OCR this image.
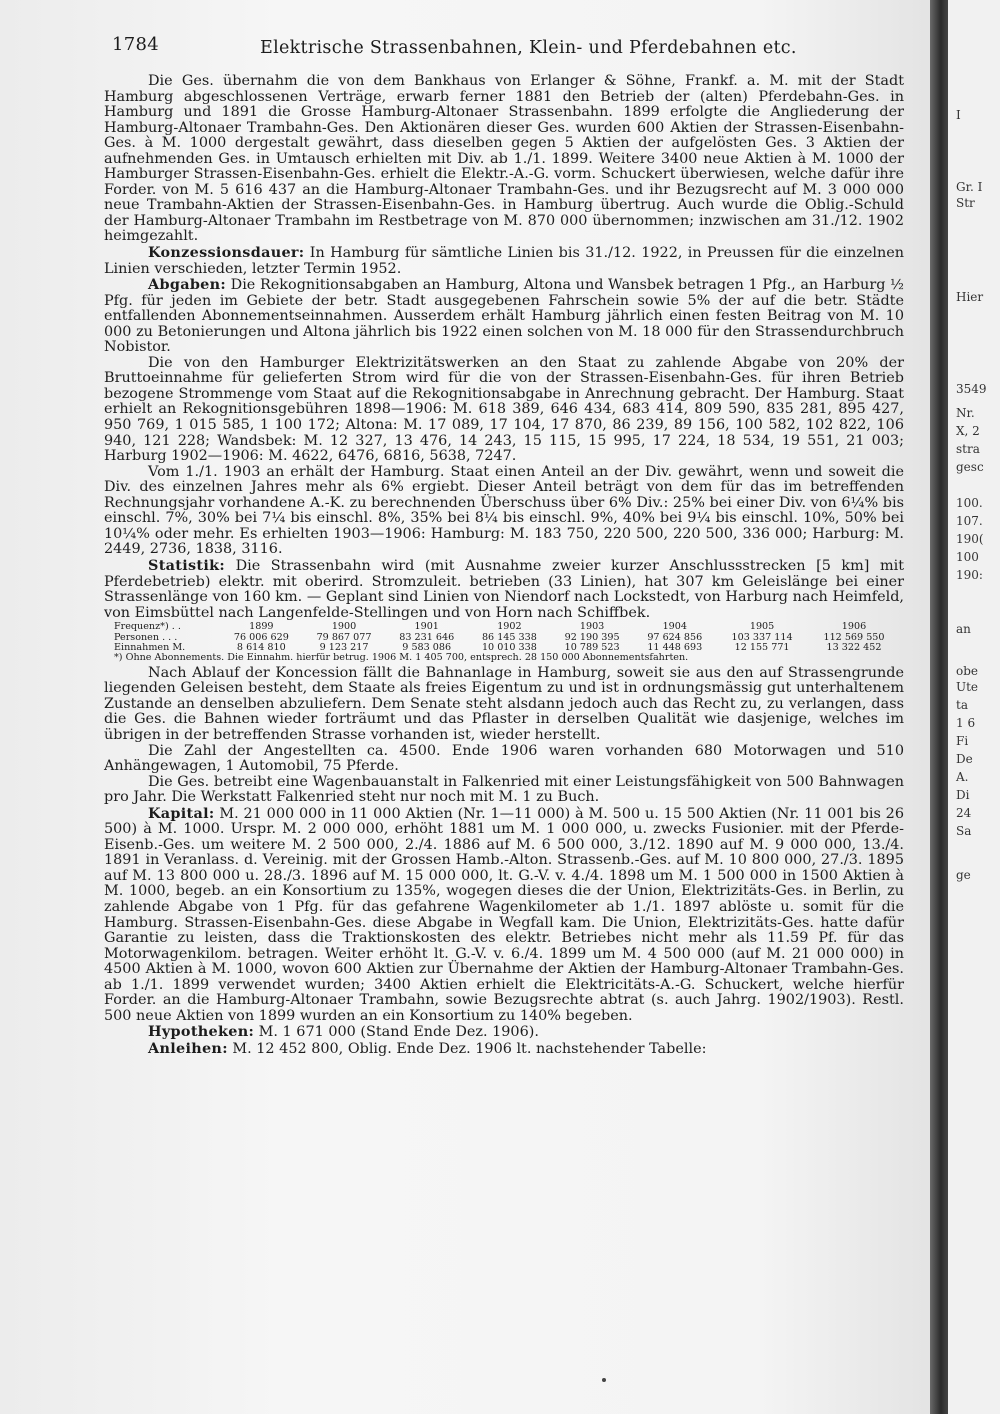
1784	Elektrische Strassenbahnen, Klein- und Pferdebahnen etc.

Die Ges. übernahm die von dem Bankhaus von Erlanger & Söhne, Frankf. a. M. mit der Stadt Hamburg abgeschlossenen Verträge, erwarb ferner 1881 den Betrieb der (alten) Pferdebahn-Ges. in Hamburg und 1891 die Grosse Hamburg-Altonaer Strassenbahn. 1899 erfolgte die Angliederung der Hamburg-Altonaer Trambahn-Ges. Den Aktionären dieser Ges. wurden 600 Aktien der Strassen-Eisenbahn-Ges. à M. 1000 dergestalt gewährt, dass dieselben gegen 5 Aktien der aufgelösten Ges. 3 Aktien der aufnehmenden Ges. in Umtausch erhielten mit Div. ab 1./1. 1899. Weitere 3400 neue Aktien à M. 1000 der Hamburger Strassen-Eisenbahn-Ges. erhielt die Elektr.-A.-G. vorm. Schuckert überwiesen, welche dafür ihre Forder. von M. 5 616 437 an die Hamburg-Altonaer Trambahn-Ges. und ihr Bezugsrecht auf M. 3 000 000 neue Trambahn-Aktien der Strassen-Eisenbahn-Ges. in Hamburg übertrug. Auch wurde die Oblig.-Schuld der Hamburg-Altonaer Trambahn im Restbetrage von M. 870 000 übernommen; inzwischen am 31./12. 1902 heimgezahlt.

Konzessionsdauer: In Hamburg für sämtliche Linien bis 31./12. 1922, in Preussen für die einzelnen Linien verschieden, letzter Termin 1952.

Abgaben: Die Rekognitionsabgaben an Hamburg, Altona und Wansbek betragen 1 Pfg., an Harburg ½ Pfg. für jeden im Gebiete der betr. Stadt ausgegebenen Fahrschein sowie 5% der auf die betr. Städte entfallenden Abonnementseinnahmen. Ausserdem erhält Hamburg jährlich einen festen Beitrag von M. 10 000 zu Betonierungen und Altona jährlich bis 1922 einen solchen von M. 18 000 für den Strassendurchbruch Nobistor.

Die von den Hamburger Elektrizitätswerken an den Staat zu zahlende Abgabe von 20% der Bruttoeinnahme für gelieferten Strom wird für die von der Strassen-Eisenbahn-Ges. für ihren Betrieb bezogene Strommenge vom Staat auf die Rekognitionsabgabe in Anrechnung gebracht. Der Hamburg. Staat erhielt an Rekognitionsgebühren 1898—1906: M. 618 389, 646 434, 683 414, 809 590, 835 281, 895 427, 950 769, 1 015 585, 1 100 172; Altona: M. 17 089, 17 104, 17 870, 86 239, 89 156, 100 582, 102 822, 106 940, 121 228; Wandsbek: M. 12 327, 13 476, 14 243, 15 115, 15 995, 17 224, 18 534, 19 551, 21 003; Harburg 1902—1906: M. 4622, 6476, 6816, 5638, 7247.

Vom 1./1. 1903 an erhält der Hamburg. Staat einen Anteil an der Div. gewährt, wenn und soweit die Div. des einzelnen Jahres mehr als 6% ergiebt. Dieser Anteil beträgt von dem für das im betreffenden Rechnungsjahr vorhandene A.-K. zu berechnenden Überschuss über 6% Div.: 25% bei einer Div. von 6¼% bis einschl. 7%, 30% bei 7¼ bis einschl. 8%, 35% bei 8¼ bis einschl. 9%, 40% bei 9¼ bis einschl. 10%, 50% bei 10¼% oder mehr. Es erhielten 1903—1906: Hamburg: M. 183 750, 220 500, 220 500, 336 000; Harburg: M. 2449, 2736, 1838, 3116.

Statistik: Die Strassenbahn wird (mit Ausnahme zweier kurzer Anschlussstrecken [5 km] mit Pferdebetrieb) elektr. mit oberird. Stromzuleit. betrieben (33 Linien), hat 307 km Geleislänge bei einer Strassenlänge von 160 km. — Geplant sind Linien von Niendorf nach Lockstedt, von Harburg nach Heimfeld, von Eimsbüttel nach Langenfelde-Stellingen und von Horn nach Schiffbek.

Frequenz*) . .	1899	1900	1901	1902	1903	1904	1905	1906
Personen . . .	76 006 629	79 867 077	83 231 646	86 145 338	92 190 395	97 624 856	103 337 114	112 569 550
Einnahmen M.	8 614 810	9 123 217	9 583 086	10 010 338	10 789 523	11 448 693	12 155 771	13 322 452
*) Ohne Abonnements. Die Einnahm. hierfür betrug. 1906 M. 1 405 700, entsprech. 28 150 000 Abonnementsfahrten.								

Nach Ablauf der Koncession fällt die Bahnanlage in Hamburg, soweit sie aus den auf Strassengrunde liegenden Geleisen besteht, dem Staate als freies Eigentum zu und ist in ordnungsmässig gut unterhaltenem Zustande an denselben abzuliefern. Dem Senate steht alsdann jedoch auch das Recht zu, zu verlangen, dass die Ges. die Bahnen wieder forträumt und das Pflaster in derselben Qualität wie dasjenige, welches im übrigen in der betreffenden Strasse vorhanden ist, wieder herstellt.

Die Zahl der Angestellten ca. 4500. Ende 1906 waren vorhanden 680 Motorwagen und 510 Anhängewagen, 1 Automobil, 75 Pferde.

Die Ges. betreibt eine Wagenbauanstalt in Falkenried mit einer Leistungsfähigkeit von 500 Bahnwagen pro Jahr. Die Werkstatt Falkenried steht nur noch mit M. 1 zu Buch.

Kapital: M. 21 000 000 in 11 000 Aktien (Nr. 1—11 000) à M. 500 u. 15 500 Aktien (Nr. 11 001 bis 26 500) à M. 1000. Urspr. M. 2 000 000, erhöht 1881 um M. 1 000 000, u. zwecks Fusionier. mit der Pferde-Eisenb.-Ges. um weitere M. 2 500 000, 2./4. 1886 auf M. 6 500 000, 3./12. 1890 auf M. 9 000 000, 13./4. 1891 in Veranlass. d. Vereinig. mit der Grossen Hamb.-Alton. Strassenb.-Ges. auf M. 10 800 000, 27./3. 1895 auf M. 13 800 000 u. 28./3. 1896 auf M. 15 000 000, lt. G.-V. v. 4./4. 1898 um M. 1 500 000 in 1500 Aktien à M. 1000, begeb. an ein Konsortium zu 135%, wogegen dieses die der Union, Elektrizitäts-Ges. in Berlin, zu zahlende Abgabe von 1 Pfg. für das gefahrene Wagenkilometer ab 1./1. 1897 ablöste u. somit für die Hamburg. Strassen-Eisenbahn-Ges. diese Abgabe in Wegfall kam. Die Union, Elektrizitäts-Ges. hatte dafür Garantie zu leisten, dass die Traktionskosten des elektr. Betriebes nicht mehr als 11.59 Pf. für das Motorwagenkilom. betragen. Weiter erhöht lt. G.-V. v. 6./4. 1899 um M. 4 500 000 (auf M. 21 000 000) in 4500 Aktien à M. 1000, wovon 600 Aktien zur Übernahme der Aktien der Hamburg-Altonaer Trambahn-Ges. ab 1./1. 1899 verwendet wurden; 3400 Aktien erhielt die Elektricitäts-A.-G. Schuckert, welche hierfür Forder. an die Hamburg-Altonaer Trambahn, sowie Bezugsrechte abtrat (s. auch Jahrg. 1902/1903). Restl. 500 neue Aktien von 1899 wurden an ein Konsortium zu 140% begeben.

Hypotheken: M. 1 671 000 (Stand Ende Dez. 1906).

Anleihen: M. 12 452 800, Oblig. Ende Dez. 1906 lt. nachstehender Tabelle:

I
Gr. I
Str
Hier
3549
Nr.
X, 2
stra
gesc
100.
107.
190(
100
190:
an
obe
Ute
ta
1 6
Fi
De
A.
Di
24
Sa
ge
